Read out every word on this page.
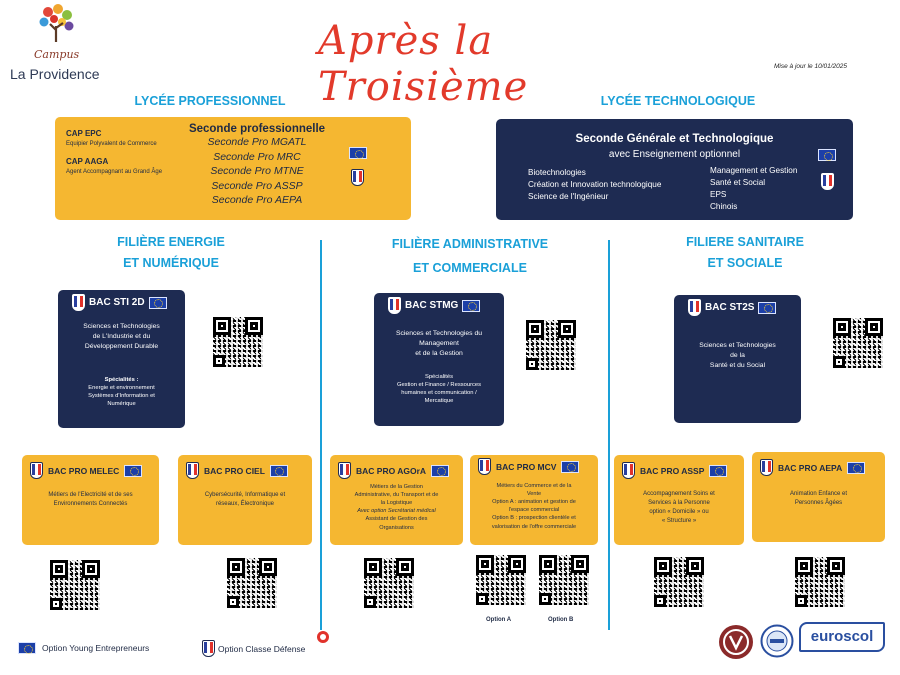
Campus
La Providence
Après la Troisième	Mise à jour le 10/01/2025
LYCÉE PROFESSIONNEL	LYCÉE TECHNOLOGIQUE
CAP EPC
Equipier Polyvalent de Commerce
CAP AAGA
Agent Accompagnant au Grand Âge
Seconde professionnelle
Seconde Pro MGATL
Seconde Pro MRC
Seconde Pro MTNE
Seconde Pro ASSP
Seconde Pro AEPA
Seconde Générale et Technologique
avec Enseignement optionnel
Biotechnologies
Création et Innovation technologique
Science de l'Ingénieur
Management et Gestion
Santé et Social
EPS
Chinois
FILIÈRE ENERGIE
ET NUMÉRIQUE
FILIÈRE ADMINISTRATIVE
ET COMMERCIALE
FILIERE SANITAIRE
ET SOCIALE
BAC STI 2D
Sciences et Technologies
de L'Industrie et du
Développement Durable
Spécialités :
Energie et environnement
Systèmes d'Information et
Numérique
BAC STMG
Sciences et Technologies du
Management
et de la Gestion
Spécialités
Gestion et Finance / Ressources
humaines et communication /
Mercatique
BAC ST2S
Sciences et Technologies
de la
Santé et du Social
BAC PRO MELEC
Métiers de l'Electricité et de ses
Environnements Connectés
BAC PRO CIEL
Cybersécurité, Informatique et
réseaux, Électronique
BAC PRO AGOrA
Métiers de la Gestion
Administrative, du Transport et de
la Logistique
Avec option Secrétariat médical
Assistant de Gestion des
Organisations
BAC PRO MCV
Métiers du Commerce et de la
Vente
Option A : animation et gestion de
l'espace commercial
Option B : prospection clientèle et
valorisation de l'offre commerciale
Option A	Option B
BAC PRO ASSP
Accompagnement Soins et
Services à la Personne
option « Domicile » ou
« Structure »
BAC PRO AEPA
Animation Enfance et
Personnes Âgées
Option Young Entrepreneurs	Option Classe Défense
euroscol
